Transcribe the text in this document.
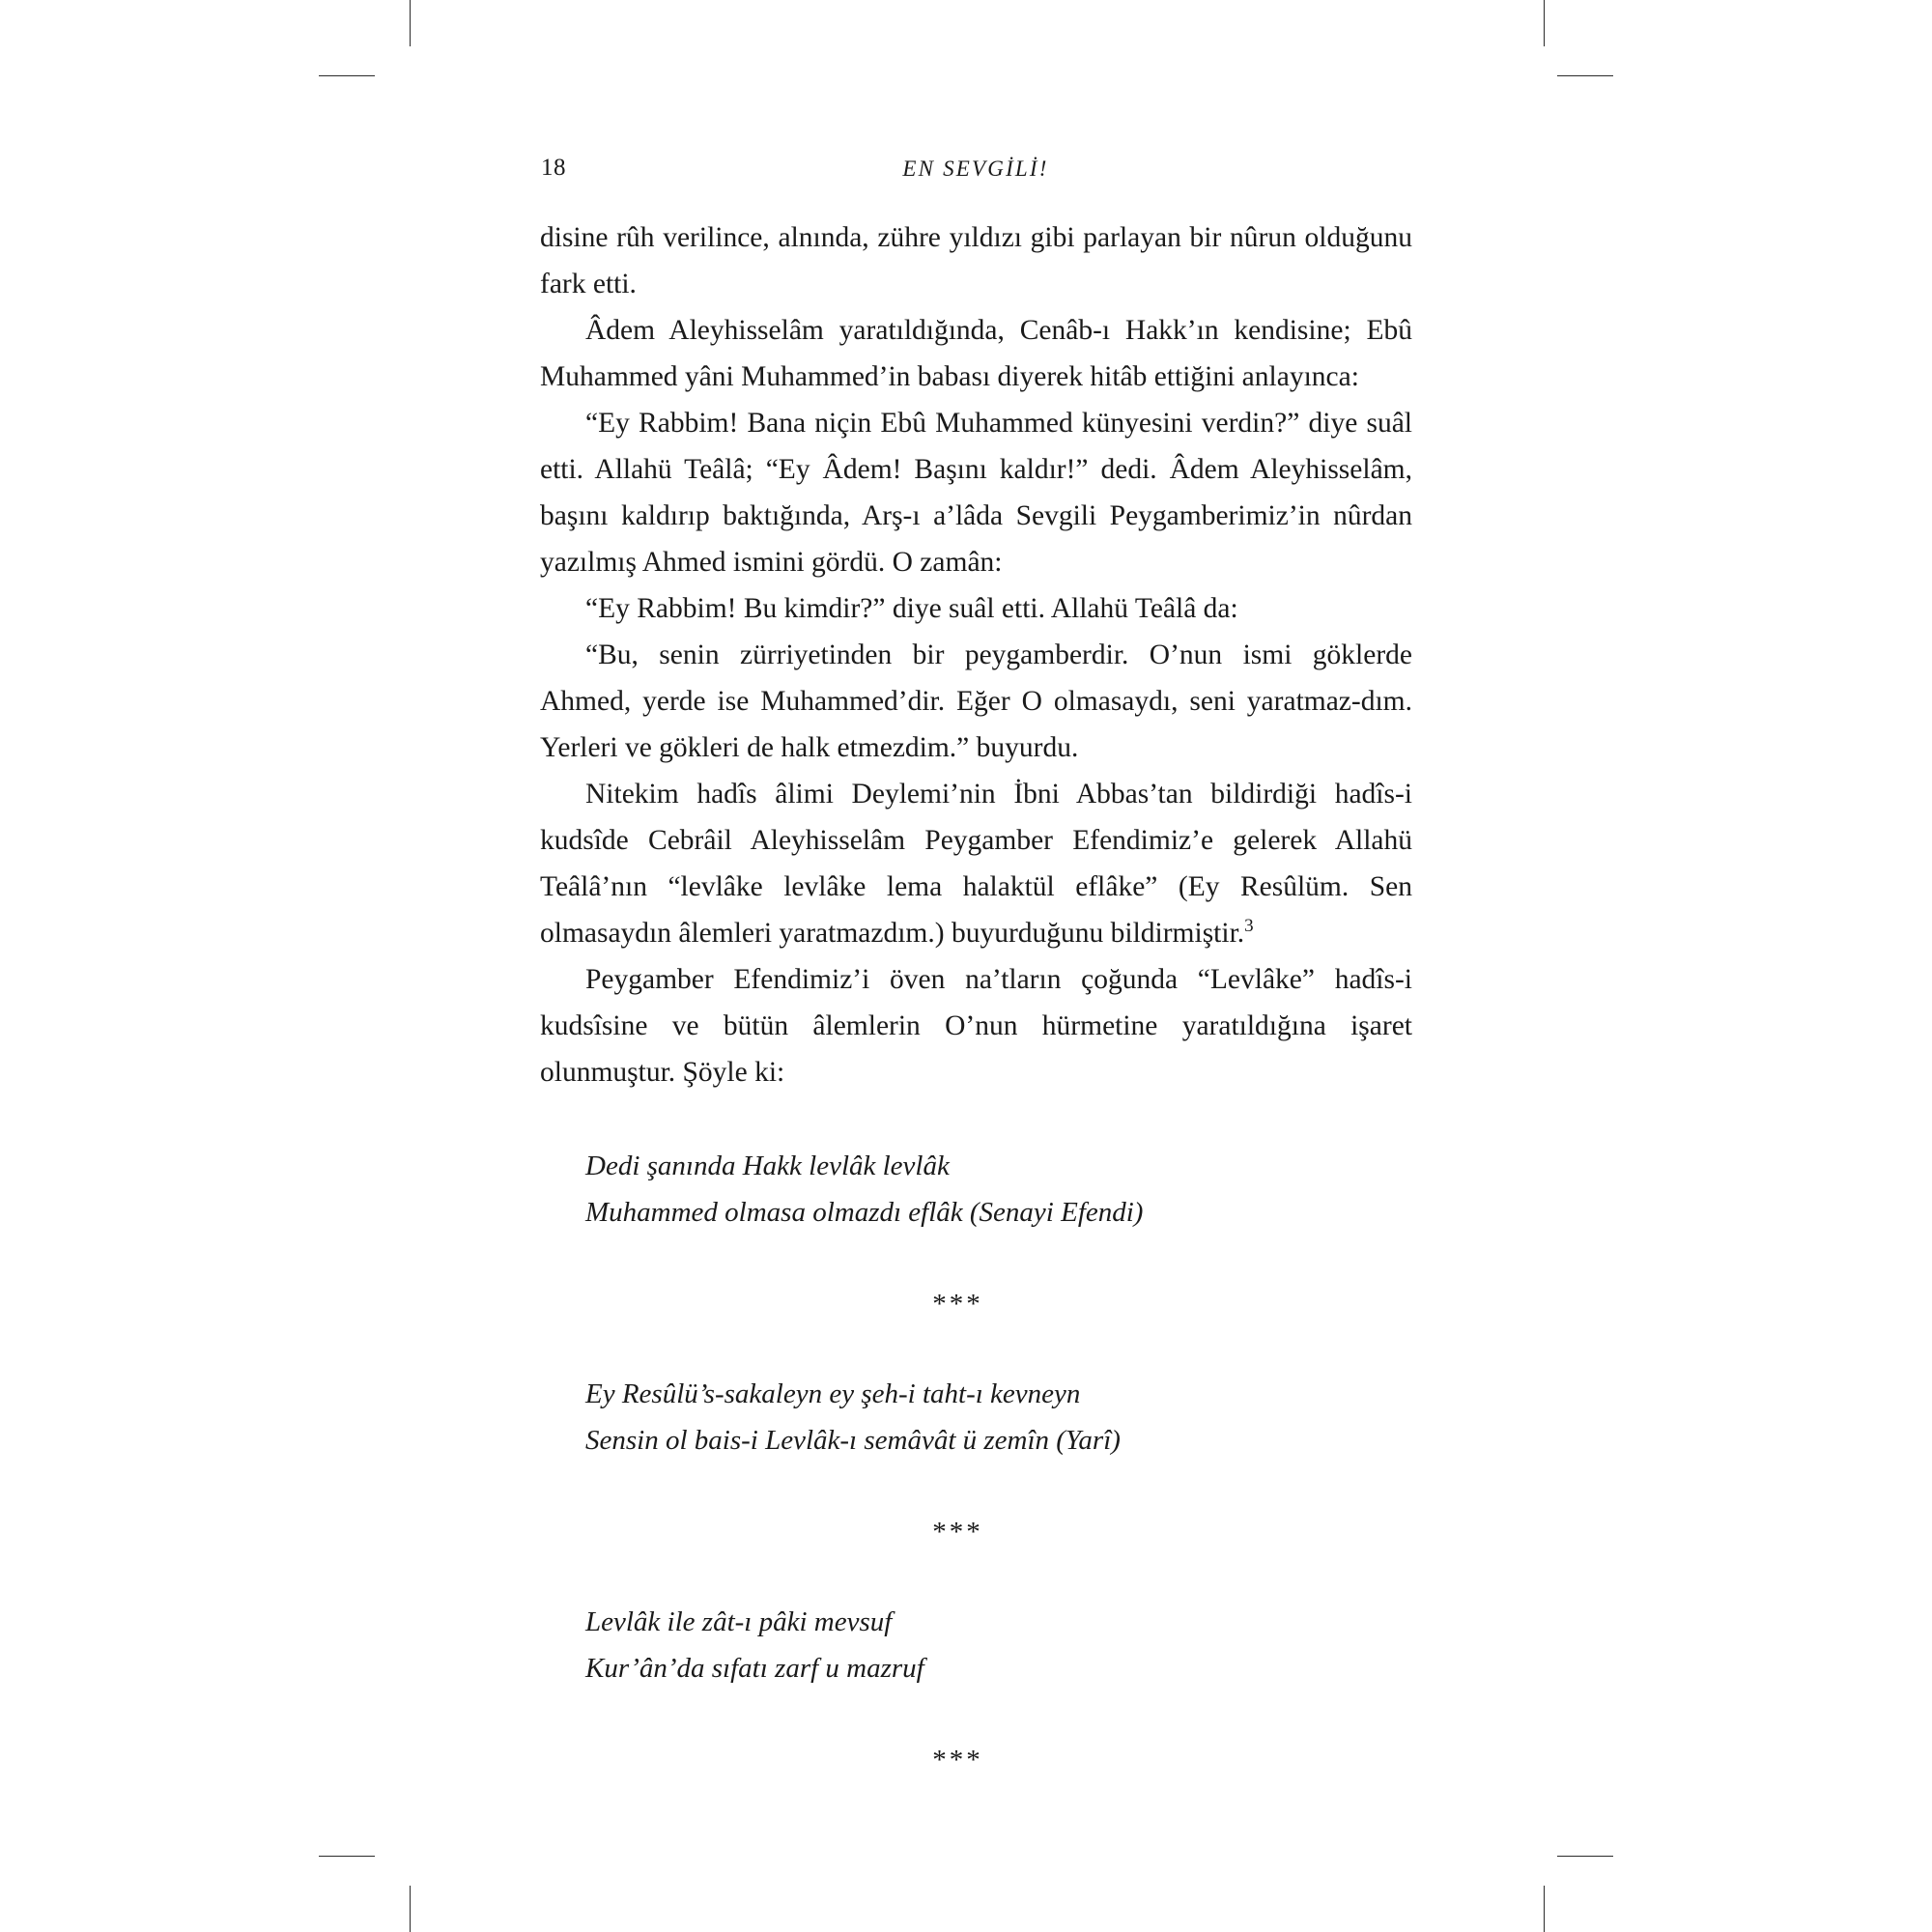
18	EN SEVGİLİ!

disine rûh verilince, alnında, zühre yıldızı gibi parlayan bir nûrun olduğunu fark etti.

Âdem Aleyhisselâm yaratıldığında, Cenâb-ı Hakk’ın kendisine; Ebû Muhammed yâni Muhammed’in babası diyerek hitâb ettiğini anlayınca:

“Ey Rabbim! Bana niçin Ebû Muhammed künyesini verdin?” diye suâl etti. Allahü Teâlâ; “Ey Âdem! Başını kaldır!” dedi. Âdem Aleyhisselâm, başını kaldırıp baktığında, Arş-ı a’lâda Sevgili Peygamberimiz’in nûrdan yazılmış Ahmed ismini gördü. O zamân:

“Ey Rabbim! Bu kimdir?” diye suâl etti. Allahü Teâlâ da:

“Bu, senin zürriyetinden bir peygamberdir. O’nun ismi göklerde Ahmed, yerde ise Muhammed’dir. Eğer O olmasaydı, seni yaratmaz-dım. Yerleri ve gökleri de halk etmezdim.” buyurdu.

Nitekim hadîs âlimi Deylemi’nin İbni Abbas’tan bildirdiği hadîs-i kudsîde Cebrâil Aleyhisselâm Peygamber Efendimiz’e gelerek Allahü Teâlâ’nın “levlâke levlâke lema halaktül eflâke” (Ey Resûlüm. Sen olmasaydın âlemleri yaratmazdım.) buyurduğunu bildirmiştir.$^3$

Peygamber Efendimiz’i öven na’tların çoğunda “Levlâke” hadîs-i kudsîsine ve bütün âlemlerin O’nun hürmetine yaratıldığına işaret olunmuştur. Şöyle ki:

Dedi şanında Hakk levlâk levlâk

Muhammed olmasa olmazdı eflâk (Senayi Efendi)

***

Ey Resûlü’s-sakaleyn ey şeh-i taht-ı kevneyn

Sensin ol bais-i Levlâk-ı semâvât ü zemîn (Yarî)

***

Levlâk ile zât-ı pâki mevsuf

Kur’ân’da sıfatı zarf u mazruf

***
